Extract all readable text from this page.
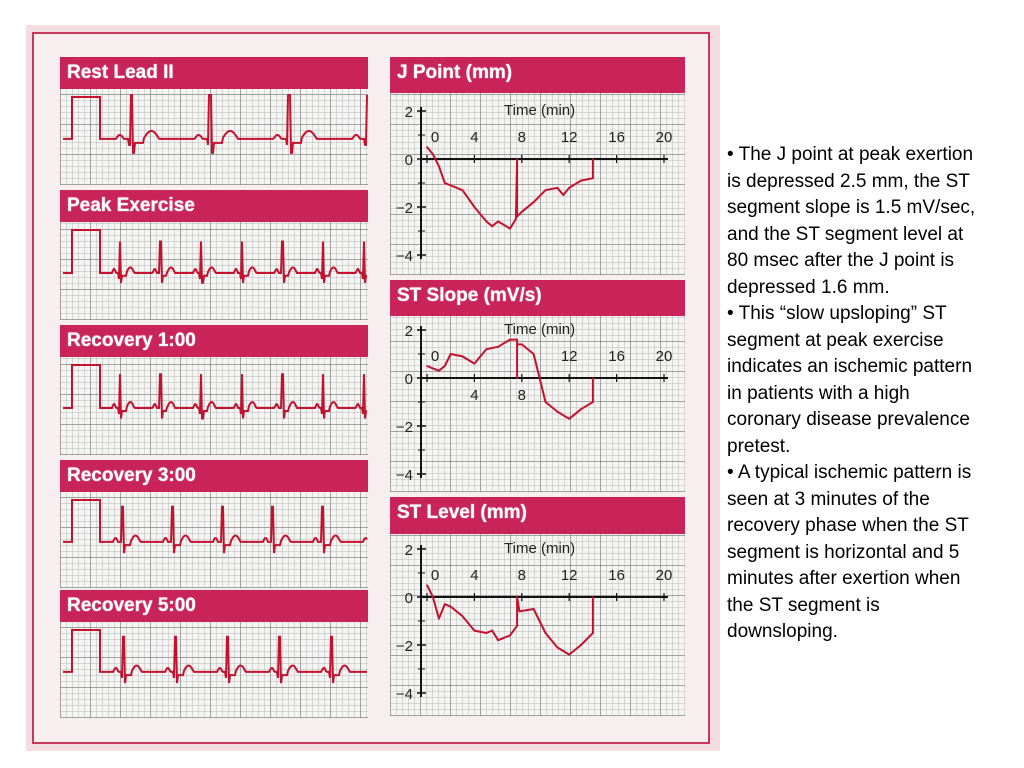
Rest Lead II
Peak Exercise
Recovery 1:00
Recovery 3:00
Recovery 5:00
J Point (mm)
2
0
−2
−4
Time (min)
0 4	8 12 16 20
ST Slope (mV/s)
2
0
−2
−4
Time (min)
0	12 16 20
4	8
ST Level (mm)
2
0
−2
−4
Time (min)
0 4	8 12 16 20
• The J point at peak exertion
is depressed 2.5 mm, the ST
segment slope is 1.5 mV/sec,
and the ST segment level at
80 msec after the J point is
depressed 1.6 mm.
• This “slow upsloping” ST
segment at peak exercise
indicates an ischemic pattern
in patients with a high
coronary disease prevalence
pretest.
• A typical ischemic pattern is
seen at 3 minutes of the
recovery phase when the ST
segment is horizontal and 5
minutes after exertion when
the ST segment is
downsloping.
